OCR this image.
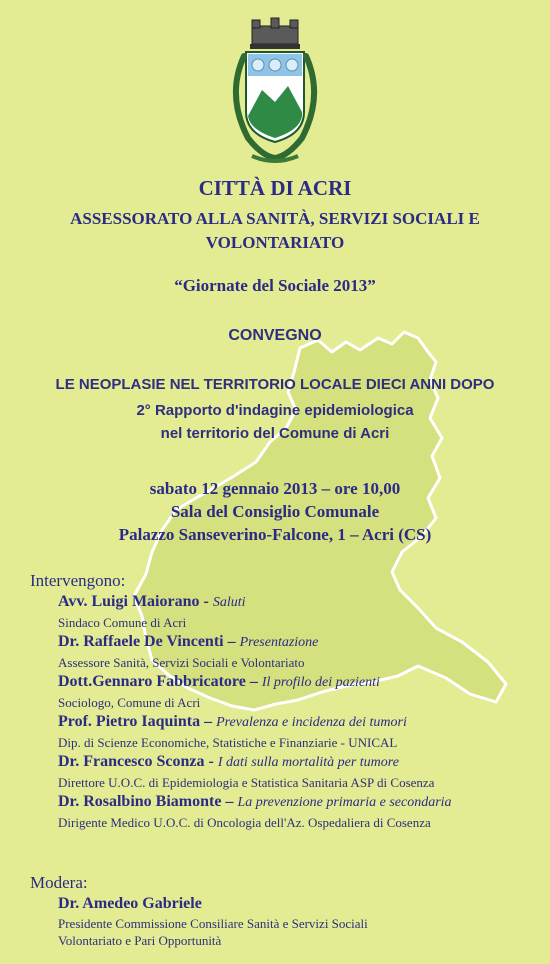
CITTÀ DI ACRI
ASSESSORATO ALLA SANITÀ, SERVIZI SOCIALI E
VOLONTARIATO
“Giornate del Sociale 2013”
CONVEGNO
LE NEOPLASIE NEL TERRITORIO LOCALE DIECI ANNI DOPO
2° Rapporto d'indagine epidemiologica
nel territorio del Comune di Acri
sabato 12 gennaio 2013 – ore 10,00
Sala del Consiglio Comunale
Palazzo Sanseverino-Falcone, 1 – Acri (CS)
Intervengono:
Avv. Luigi Maiorano - Saluti
Sindaco Comune di Acri
Dr. Raffaele De Vincenti – Presentazione
Assessore Sanità, Servizi Sociali e Volontariato
Dott.Gennaro Fabbricatore – Il profilo dei pazienti
Sociologo, Comune di Acri
Prof. Pietro Iaquinta – Prevalenza e incidenza dei tumori
Dip. di Scienze Economiche, Statistiche e Finanziarie - UNICAL
Dr. Francesco Sconza - I dati sulla mortalità per tumore
Direttore U.O.C. di Epidemiologia e Statistica Sanitaria ASP di Cosenza
Dr. Rosalbino Biamonte – La prevenzione primaria e secondaria
Dirigente Medico U.O.C. di Oncologia dell'Az. Ospedaliera di Cosenza
Modera:
Dr. Amedeo Gabriele
Presidente Commissione Consiliare Sanità e Servizi Sociali
Volontariato e Pari Opportunità
